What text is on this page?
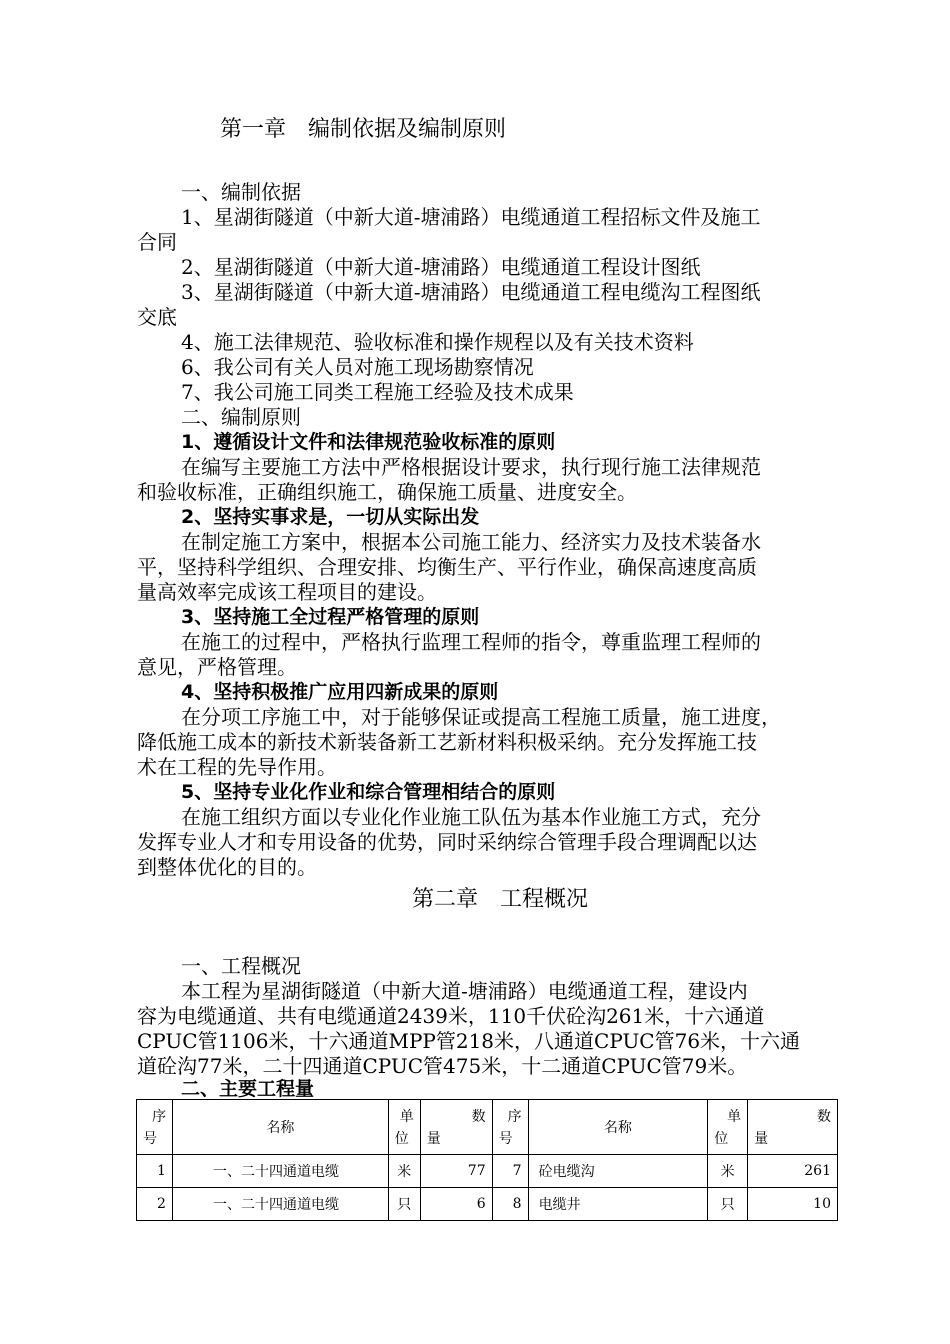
第一章　编制依据及编制原则
一、编制依据
1、星湖街隧道（中新大道-塘浦路）电缆通道工程招标文件及施工
合同
2、星湖街隧道（中新大道-塘浦路）电缆通道工程设计图纸
3、星湖街隧道（中新大道-塘浦路）电缆通道工程电缆沟工程图纸
交底
4、施工法律规范、验收标准和操作规程以及有关技术资料
6、我公司有关人员对施工现场勘察情况
7、我公司施工同类工程施工经验及技术成果
二、编制原则
1、遵循设计文件和法律规范验收标准的原则
在编写主要施工方法中严格根据设计要求，执行现行施工法律规范
和验收标准，正确组织施工，确保施工质量、进度安全。
2、坚持实事求是，一切从实际出发
在制定施工方案中，根据本公司施工能力、经济实力及技术装备水
平，坚持科学组织、合理安排、均衡生产、平行作业，确保高速度高质
量高效率完成该工程项目的建设。
3、坚持施工全过程严格管理的原则
在施工的过程中，严格执行监理工程师的指令，尊重监理工程师的
意见，严格管理。
4、坚持积极推广应用四新成果的原则
在分项工序施工中，对于能够保证或提高工程施工质量，施工进度，
降低施工成本的新技术新装备新工艺新材料积极采纳。充分发挥施工技
术在工程的先导作用。
5、坚持专业化作业和综合管理相结合的原则
在施工组织方面以专业化作业施工队伍为基本作业施工方式，充分
发挥专业人才和专用设备的优势，同时采纳综合管理手段合理调配以达
到整体优化的目的。
第二章　工程概况
一、工程概况
本工程为星湖街隧道（中新大道-塘浦路）电缆通道工程，建设内
容为电缆通道、共有电缆通道2439米，110千伏砼沟261米，十六通道
CPUC管1106米，十六通道MPP管218米，八通道CPUC管76米，十六通
道砼沟77米，二十四通道CPUC管475米，十二通道CPUC管79米。
二、主要工程量
序
号	名称	单
位	数
量	序
号	名称	单
位	数
量

1	一、二十四通道电缆	米	77	7	砼电缆沟	米	261
2	一、二十四通道电缆	只	6	8	电缆井	只	10
